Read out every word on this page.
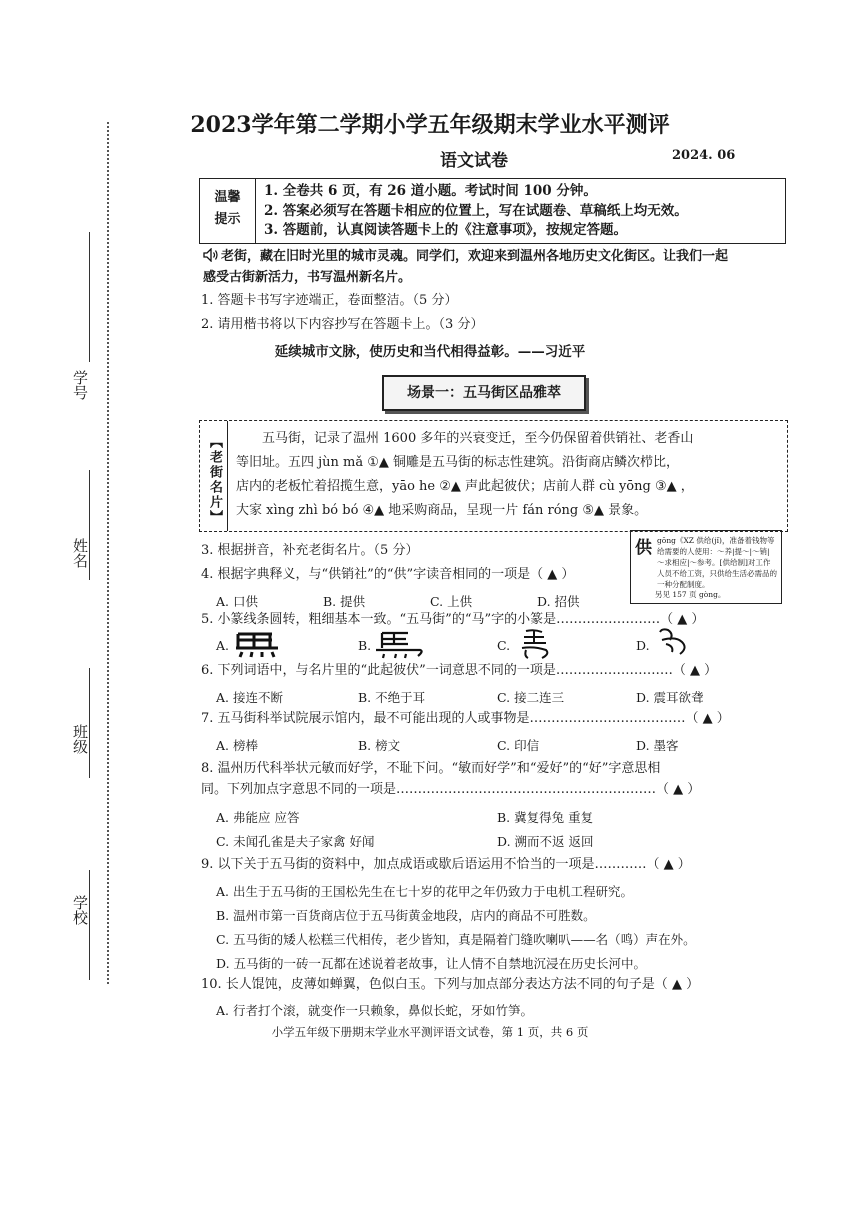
学号
姓名
班级
学校
2023学年第二学期小学五年级期末学业水平测评
语文试卷	2024. 06
温馨
提示
1. 全卷共 6 页，有 26 道小题。考试时间 100 分钟。
2. 答案必须写在答题卡相应的位置上，写在试题卷、草稿纸上均无效。
3. 答题前，认真阅读答题卡上的《注意事项》，按规定答题。
老街，藏在旧时光里的城市灵魂。同学们，欢迎来到温州各地历史文化街区。让我们一起
感受古街新活力，书写温州新名片。
1. 答题卡书写字迹端正，卷面整洁。（5 分）
2. 请用楷书将以下内容抄写在答题卡上。（3 分）
延续城市文脉，使历史和当代相得益彰。——习近平
场景一：五马街区品雅萃
【老街名片】	五马街，记录了温州 1600 多年的兴衰变迁，至今仍保留着供销社、老香山
等旧址。五四 jùn mǎ ①▲ 铜雕是五马街的标志性建筑。沿街商店鳞次栉比，
店内的老板忙着招揽生意，yāo he ②▲ 声此起彼伏；店前人群 cù yōng ③▲ ，
大家 xìng zhì bó bó ④▲ 地采购商品，呈现一片 fán róng ⑤▲ 景象。
3. 根据拼音，补充老街名片。（5 分）	供 gōng《XZ 供给(jǐ)，准备着钱物等给需要的人使用：～养|提～|～销|～求相应|～参考。[供给制]对工作人员不给工资，只供给生活必需品的一种分配制度。
另见 157 页 gòng。
4. 根据字典释义，与“供销社”的“供”字读音相同的一项是（ ▲ ）
A. 口供	B. 提供	C. 上供	D. 招供
5. 小篆线条圆转，粗细基本一致。“五马街”的“马”字的小篆是……………………（ ▲ ）
A.	B.	C.	D.
6. 下列词语中，与名片里的“此起彼伏”一词意思不同的一项是………………………（ ▲ ）
A. 接连不断	B. 不绝于耳	C. 接二连三	D. 震耳欲聋
7. 五马街科举试院展示馆内，最不可能出现的人或事物是………………………………（ ▲ ）
A. 榜棒	B. 榜文	C. 印信	D. 墨客
8. 温州历代科举状元敏而好学，不耻下问。“敏而好学”和“爱好”的“好”字意思相
同。下列加点字意思不同的一项是……………………………………………………（ ▲ ）
A. 弗能应 应答	B. 冀复得兔 重复
C. 未闻孔雀是夫子家禽 好闻	D. 溯而不返 返回
9. 以下关于五马街的资料中，加点成语或歇后语运用不恰当的一项是…………（ ▲ ）
A. 出生于五马街的王国松先生在七十岁的花甲之年仍致力于电机工程研究。
B. 温州市第一百货商店位于五马街黄金地段，店内的商品不可胜数。
C. 五马街的矮人松糕三代相传，老少皆知，真是隔着门缝吹喇叭——名（鸣）声在外。
D. 五马街的一砖一瓦都在述说着老故事，让人情不自禁地沉浸在历史长河中。
10. 长人馄饨，皮薄如蝉翼，色似白玉。下列与加点部分表达方法不同的句子是（ ▲ ）
A. 行者打个滚，就变作一只赖象，鼻似长蛇，牙如竹笋。
小学五年级下册期末学业水平测评语文试卷，第 1 页，共 6 页
